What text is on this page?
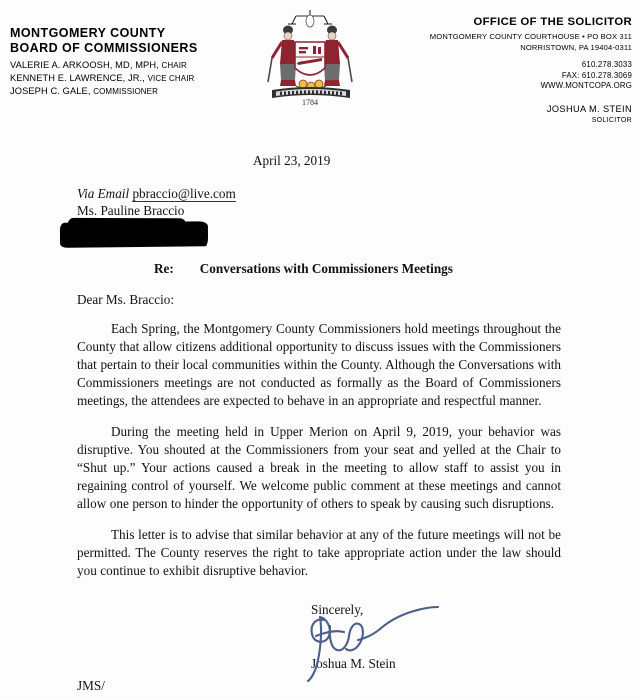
MONTGOMERY COUNTY
BOARD OF COMMISSIONERS
VALERIE A. ARKOOSH, MD, MPH, CHAIR
KENNETH E. LAWRENCE, JR., VICE CHAIR
JOSEPH C. GALE, COMMISSIONER
1784
OFFICE OF THE SOLICITOR
MONTGOMERY COUNTY COURTHOUSE • PO BOX 311
NORRISTOWN, PA 19404-0311
610.278.3033
FAX: 610.278.3069
WWW.MONTCOPA.ORG
JOSHUA M. STEIN
SOLICITOR
April 23, 2019
Via Email pbraccio@live.com
Ms. Pauline Braccio
Re: Conversations with Commissioners Meetings
Dear Ms. Braccio:
Each Spring, the Montgomery County Commissioners hold meetings throughout the County that allow citizens additional opportunity to discuss issues with the Commissioners that pertain to their local communities within the County. Although the Conversations with Commissioners meetings are not conducted as formally as the Board of Commissioners meetings, the attendees are expected to behave in an appropriate and respectful manner.
During the meeting held in Upper Merion on April 9, 2019, your behavior was disruptive. You shouted at the Commissioners from your seat and yelled at the Chair to “Shut up.” Your actions caused a break in the meeting to allow staff to assist you in regaining control of yourself. We welcome public comment at these meetings and cannot allow one person to hinder the opportunity of others to speak by causing such disruptions.
This letter is to advise that similar behavior at any of the future meetings will not be permitted. The County reserves the right to take appropriate action under the law should you continue to exhibit disruptive behavior.
Sincerely,
Joshua M. Stein
JMS/
